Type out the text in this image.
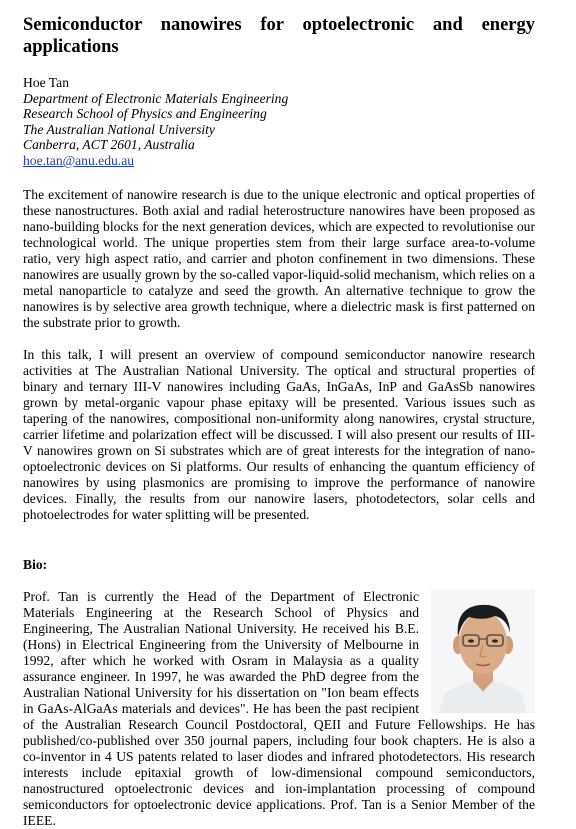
Semiconductor nanowires for optoelectronic and energy applications

Hoe Tan

Department of Electronic Materials Engineering

Research School of Physics and Engineering

The Australian National University

Canberra, ACT 2601, Australia

hoe.tan@anu.edu.au

The excitement of nanowire research is due to the unique electronic and optical properties of these nanostructures. Both axial and radial heterostructure nanowires have been proposed as nano-building blocks for the next generation devices, which are expected to revolutionise our technological world. The unique properties stem from their large surface area-to-volume ratio, very high aspect ratio, and carrier and photon confinement in two dimensions. These nanowires are usually grown by the so-called vapor-liquid-solid mechanism, which relies on a metal nanoparticle to catalyze and seed the growth. An alternative technique to grow the nanowires is by selective area growth technique, where a dielectric mask is first patterned on the substrate prior to growth.

In this talk, I will present an overview of compound semiconductor nanowire research activities at The Australian National University. The optical and structural properties of binary and ternary III-V nanowires including GaAs, InGaAs, InP and GaAsSb nanowires grown by metal-organic vapour phase epitaxy will be presented. Various issues such as tapering of the nanowires, compositional non-uniformity along nanowires, crystal structure, carrier lifetime and polarization effect will be discussed. I will also present our results of III-V nanowires grown on Si substrates which are of great interests for the integration of nano-optoelectronic devices on Si platforms. Our results of enhancing the quantum efficiency of nanowires by using plasmonics are promising to improve the performance of nanowire devices. Finally, the results from our nanowire lasers, photodetectors, solar cells and photoelectrodes for water splitting will be presented.

Bio:

Prof. Tan is currently the Head of the Department of Electronic Materials Engineering at the Research School of Physics and Engineering, The Australian National University. He received his B.E. (Hons) in Electrical Engineering from the University of Melbourne in 1992, after which he worked with Osram in Malaysia as a quality assurance engineer. In 1997, he was awarded the PhD degree from the Australian National University for his dissertation on "Ion beam effects in GaAs-AlGaAs materials and devices". He has been the past recipient of the Australian Research Council Postdoctoral, QEII and Future Fellowships. He has published/co-published over 350 journal papers, including four book chapters. He is also a co-inventor in 4 US patents related to laser diodes and infrared photodetectors. His research interests include epitaxial growth of low-dimensional compound semiconductors, nanostructured optoelectronic devices and ion-implantation processing of compound semiconductors for optoelectronic device applications. Prof. Tan is a Senior Member of the IEEE.
